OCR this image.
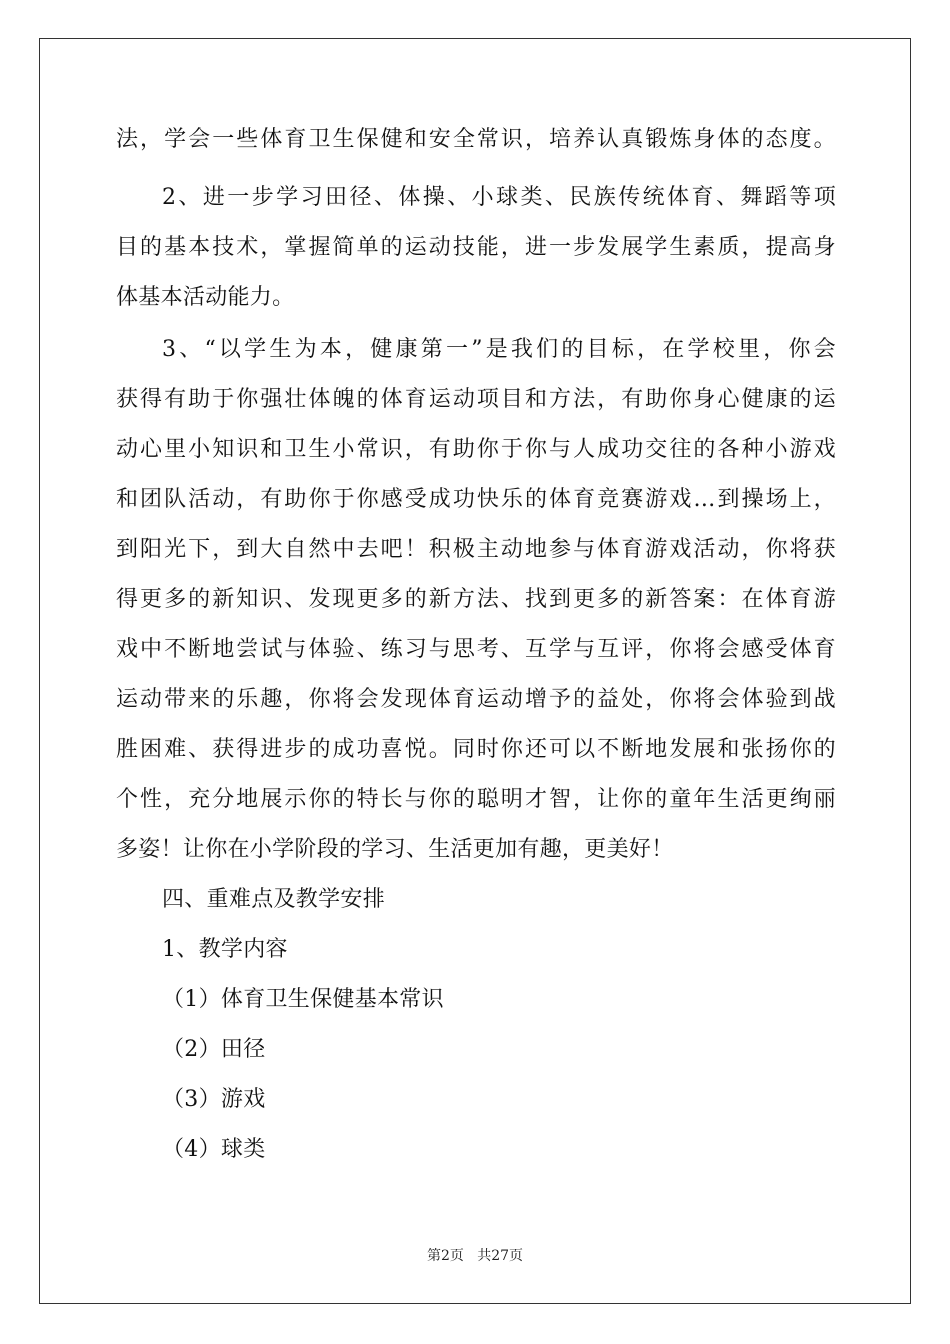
法，学会一些体育卫生保健和安全常识，培养认真锻炼身体的态度。
2、进一步学习田径、体操、小球类、民族传统体育、舞蹈等项
目的基本技术，掌握简单的运动技能，进一步发展学生素质，提高身
体基本活动能力。
3、“以学生为本，健康第一”是我们的目标，在学校里，你会
获得有助于你强壮体魄的体育运动项目和方法，有助你身心健康的运
动心里小知识和卫生小常识，有助你于你与人成功交往的各种小游戏
和团队活动，有助你于你感受成功快乐的体育竞赛游戏…到操场上，
到阳光下，到大自然中去吧！积极主动地参与体育游戏活动，你将获
得更多的新知识、发现更多的新方法、找到更多的新答案：在体育游
戏中不断地尝试与体验、练习与思考、互学与互评，你将会感受体育
运动带来的乐趣，你将会发现体育运动增予的益处，你将会体验到战
胜困难、获得进步的成功喜悦。同时你还可以不断地发展和张扬你的
个性，充分地展示你的特长与你的聪明才智，让你的童年生活更绚丽
多姿！让你在小学阶段的学习、生活更加有趣，更美好！
四、重难点及教学安排
1、教学内容
（1）体育卫生保健基本常识
（2）田径
（3）游戏
（4）球类
第2页   共27页
